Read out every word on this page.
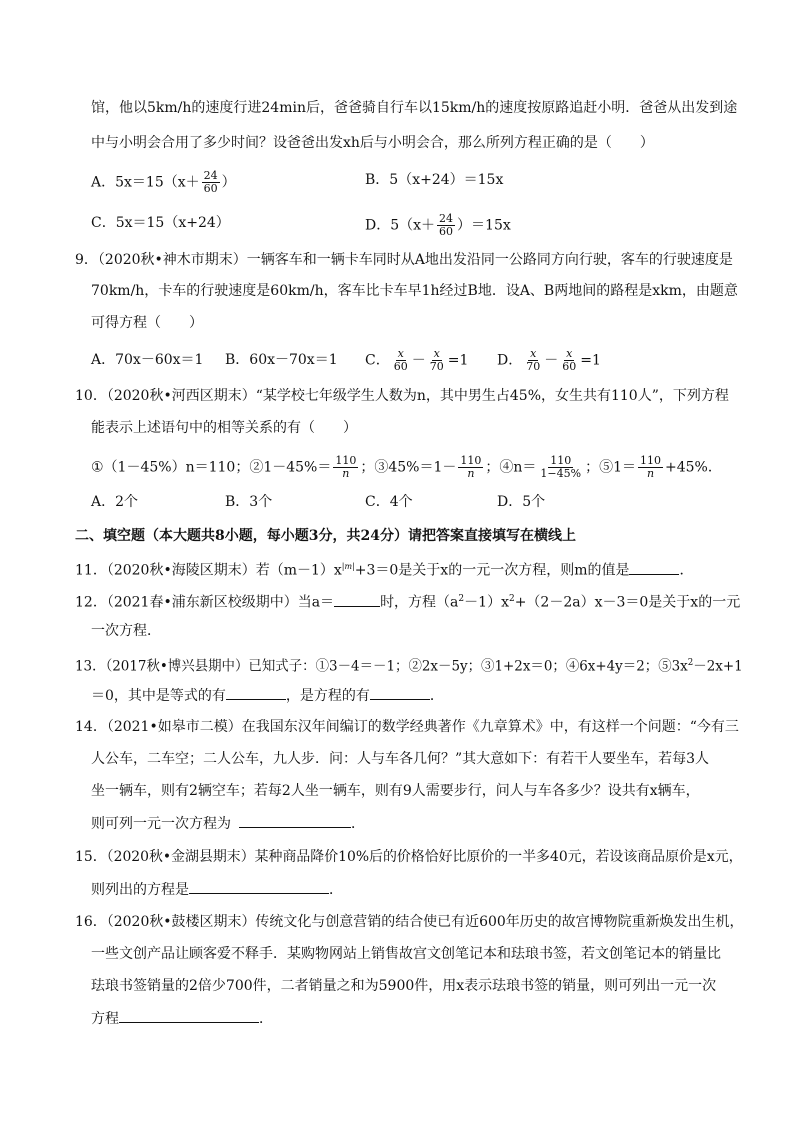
馆，他以5km/h的速度行进24min后，爸爸骑自行车以15km/h的速度按原路追赶小明．爸爸从出发到途
中与小明会合用了多少时间？设爸爸出发xh后与小明会合，那么所列方程正确的是（　　）
A．$5x=15(x+ \frac{24}{60}$ ）	B．5（x+24）＝15x
C．5x＝15（x+24）	D．$5(x+ \frac{24}{60} )=15x$
9．（2020秋•神木市期末）一辆客车和一辆卡车同时从A地出发沿同一公路同方向行驶，客车的行驶速度是
70km/h，卡车的行驶速度是60km/h，客车比卡车早1h经过B地．设A、B两地间的路程是xkm，由题意
可得方程（　　）
A．70x－60x＝1 B．60x－70x＝1 C． $\frac{x}{60} - \frac{x}{70} =1$ D． $\frac{x}{70} - \frac{x}{60} =1$
10．（2020秋•河西区期末）“某学校七年级学生人数为n，其中男生占45%，女生共有110人”，下列方程
能表示上述语句中的相等关系的有（　　）
①（1－45%）n＝110；②1－45%＝ $\frac{110}{n}$ ；③45%＝1－ $\frac{110}{n}$ ；④n＝ $\frac{110}{1-45\%}$ ；⑤1＝ $\frac{110}{n} +45\%$．
A．2个	B．3个	C．4个	D．5个
二、填空题（本大题共8小题，每小题3分，共24分）请把答案直接填写在横线上
11．（2020秋•海陵区期末）若$(m-1)x^{|m|}+3=0$是关于x的一元一次方程，则m的值是	．
12．（2021春•浦东新区校级期中）当a＝	时，方程$(a^2-1)x^2+(2-2a)x-3=0$是关于x的一元
一次方程．
13．（2017秋•博兴县期中）已知式子：①3－4＝－1；②2x－5y；③1+2x＝0；④6x+4y＝2；$⑤3x^2-2x+1$
＝0，其中是等式的有	，是方程的有	．
14．（2021•如皋市二模）在我国东汉年间编订的数学经典著作《九章算术》中，有这样一个问题：“今有三
人公车，二车空；二人公车，九人步．问：人与车各几何？”其大意如下：有若干人要坐车，若每3人
坐一辆车，则有2辆空车；若每2人坐一辆车，则有9人需要步行，问人与车各多少？设共有x辆车，
则可列一元一次方程为	．
15．（2020秋•金湖县期末）某种商品降价10%后的价格恰好比原价的一半多40元，若设该商品原价是x元，
则列出的方程是	．
16．（2020秋•鼓楼区期末）传统文化与创意营销的结合使已有近600年历史的故宫博物院重新焕发出生机，
一些文创产品让顾客爱不释手．某购物网站上销售故宫文创笔记本和珐琅书签，若文创笔记本的销量比
珐琅书签销量的2倍少700件，二者销量之和为5900件，用x表示珐琅书签的销量，则可列出一元一次
方程	．
